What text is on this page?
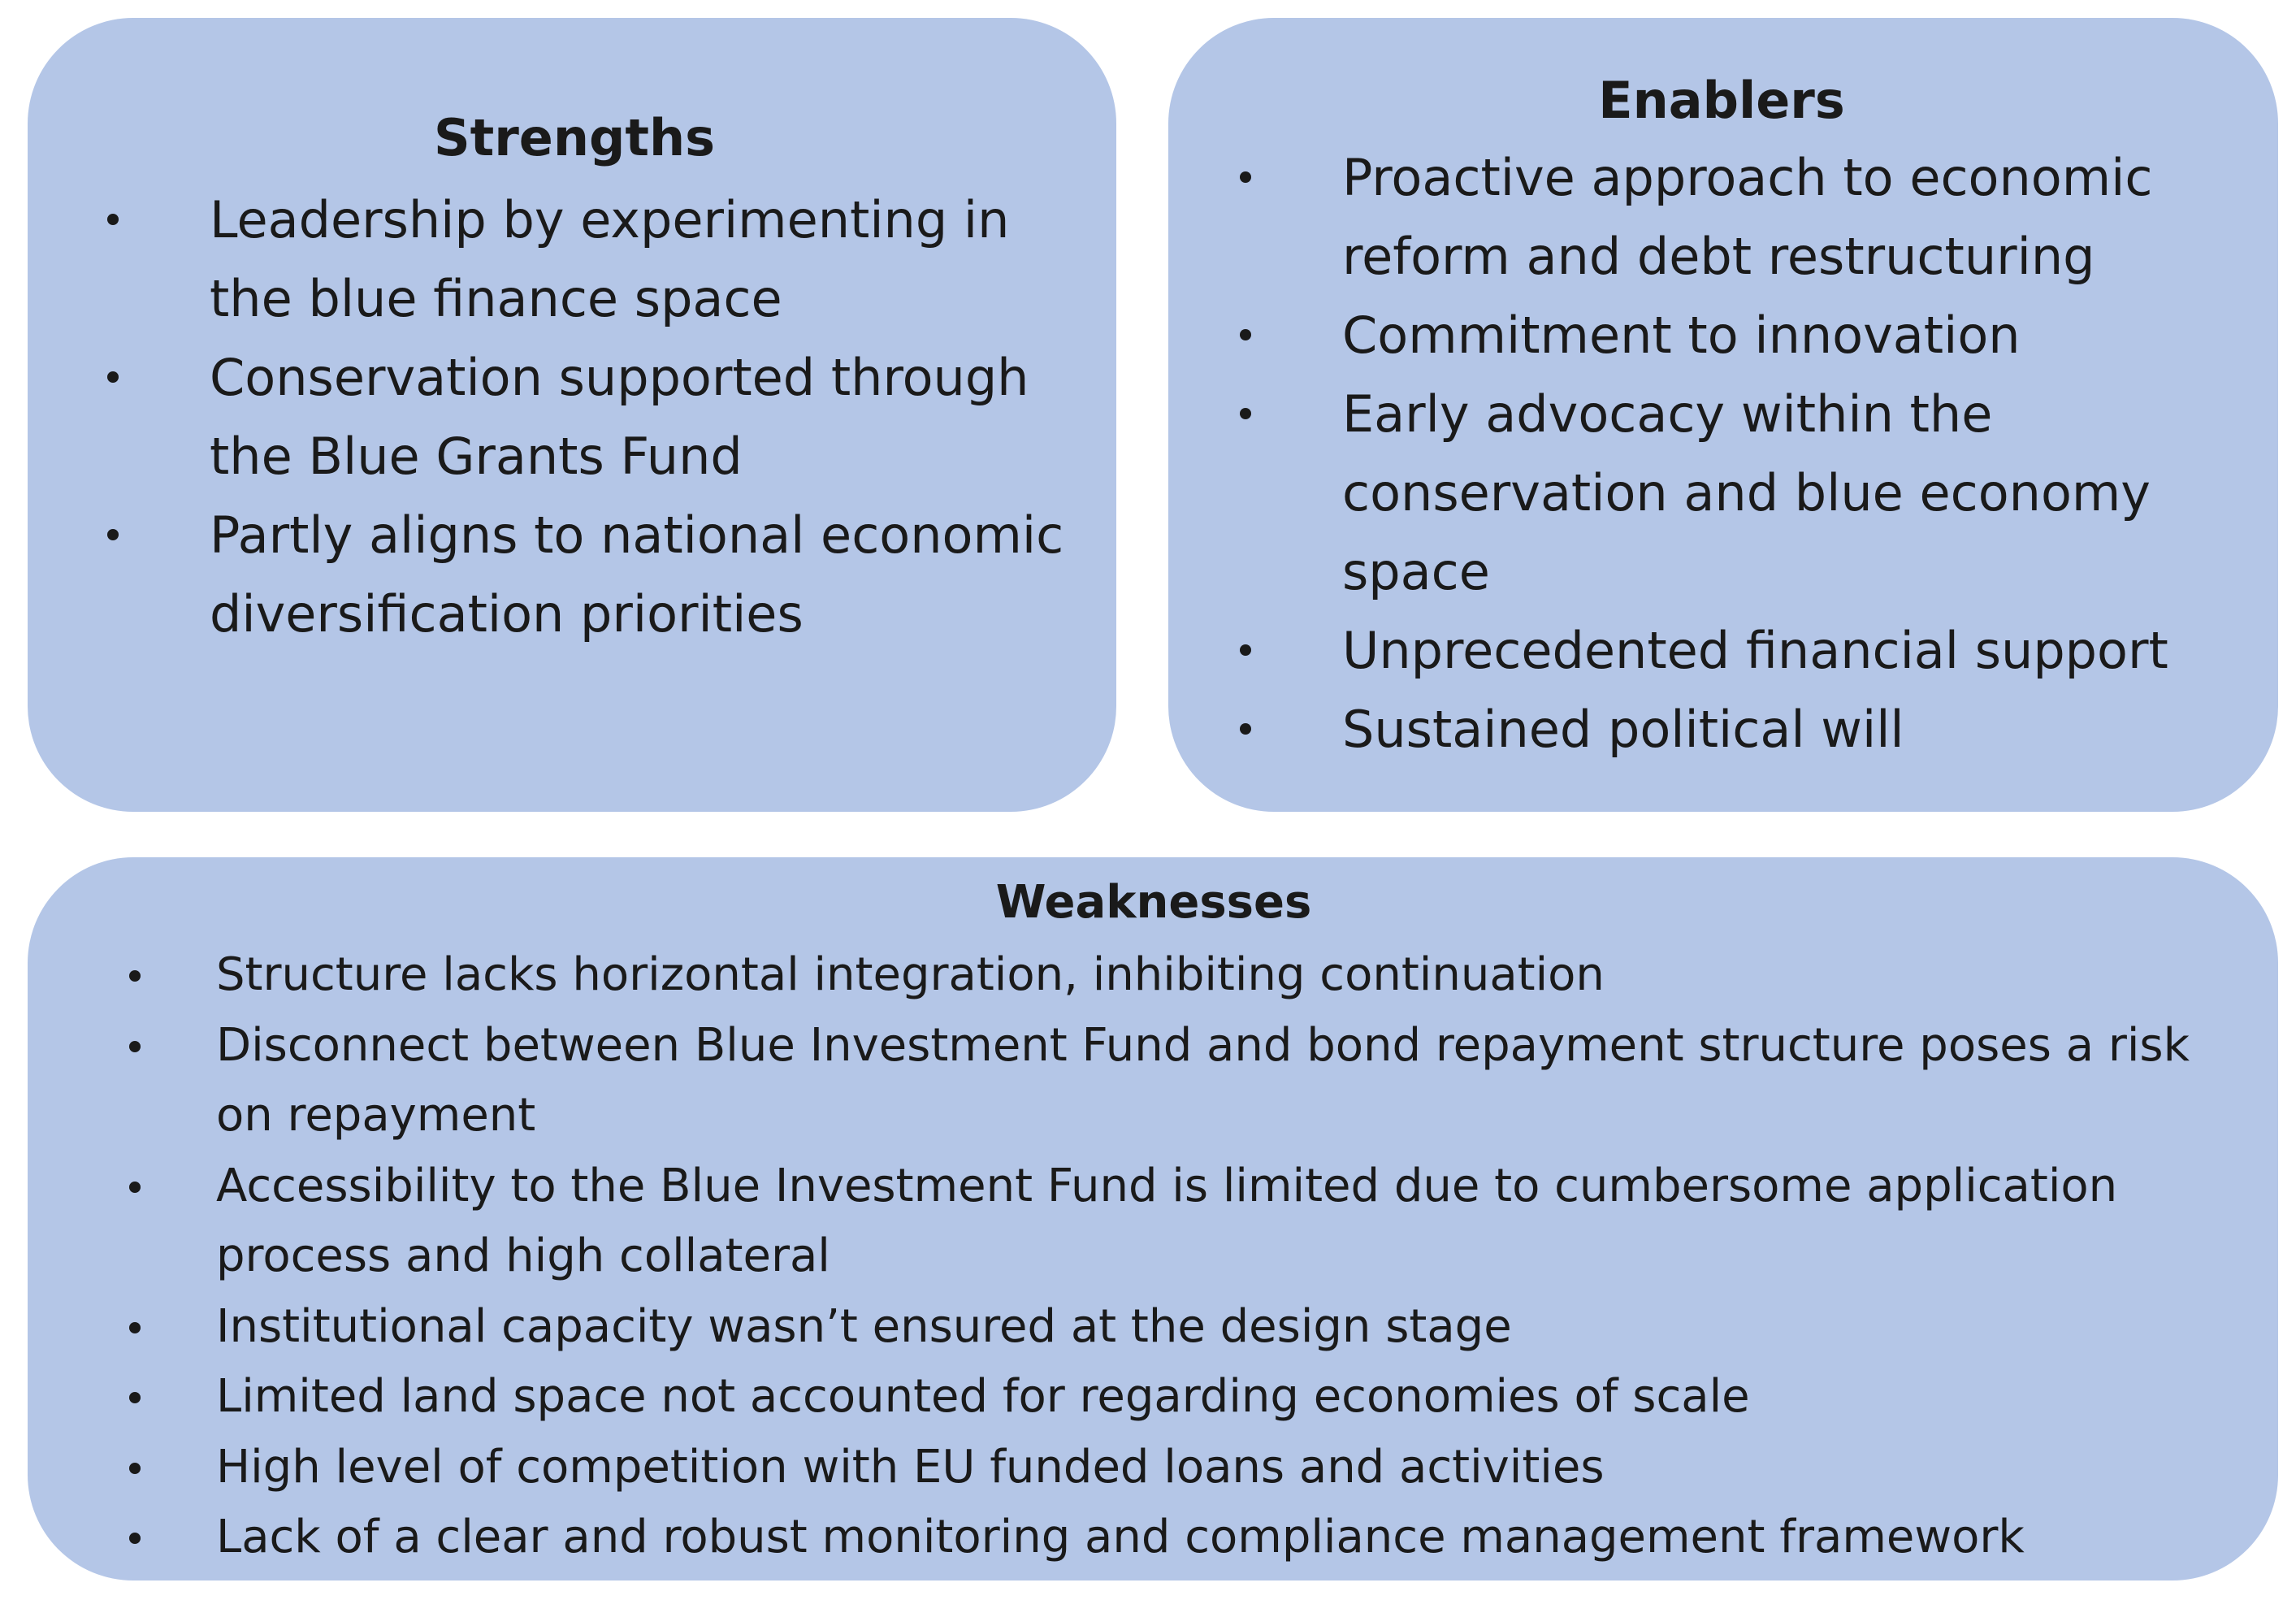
Strengths
Leadership by experimenting in the blue finance space
Conservation supported through the Blue Grants Fund
Partly aligns to national economic diversification priorities
Enablers
Proactive approach to economic reform and debt restructuring
Commitment to innovation
Early advocacy within the conservation and blue economy space
Unprecedented financial support
Sustained political will
Weaknesses
Structure lacks horizontal integration, inhibiting continuation
Disconnect between Blue Investment Fund and bond repayment structure poses a risk on repayment
Accessibility to the Blue Investment Fund is limited due to cumbersome application process and high collateral
Institutional capacity wasn’t ensured at the design stage
Limited land space not accounted for regarding economies of scale
High level of competition with EU funded loans and activities
Lack of a clear and robust monitoring and compliance management framework
